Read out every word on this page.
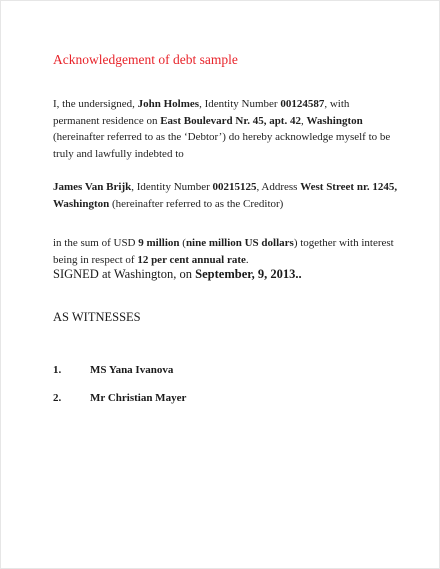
Acknowledgement of debt sample
I, the undersigned, John Holmes, Identity Number 00124587, with permanent residence on East Boulevard Nr. 45, apt. 42, Washington (hereinafter referred to as the ‘Debtor’) do hereby acknowledge myself to be truly and lawfully indebted to
James Van Brijk, Identity Number 00215125, Address West Street nr. 1245, Washington (hereinafter referred to as the Creditor)
in the sum of USD 9 million (nine million US dollars) together with interest being in respect of 12 per cent annual rate.
SIGNED at Washington, on September, 9, 2013..
AS WITNESSES
1.	MS Yana Ivanova
2.	Mr Christian Mayer
